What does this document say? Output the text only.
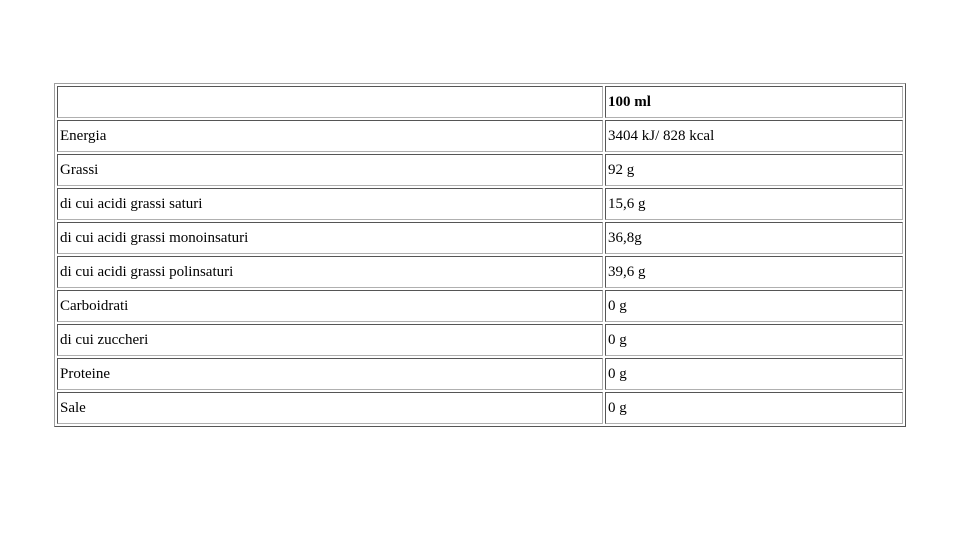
	100 ml
Energia	3404 kJ/ 828 kcal
Grassi	92 g
di cui acidi grassi saturi	15,6 g
di cui acidi grassi monoinsaturi	36,8g
di cui acidi grassi polinsaturi	39,6 g
Carboidrati	0 g
di cui zuccheri	0 g
Proteine	0 g
Sale	0 g
